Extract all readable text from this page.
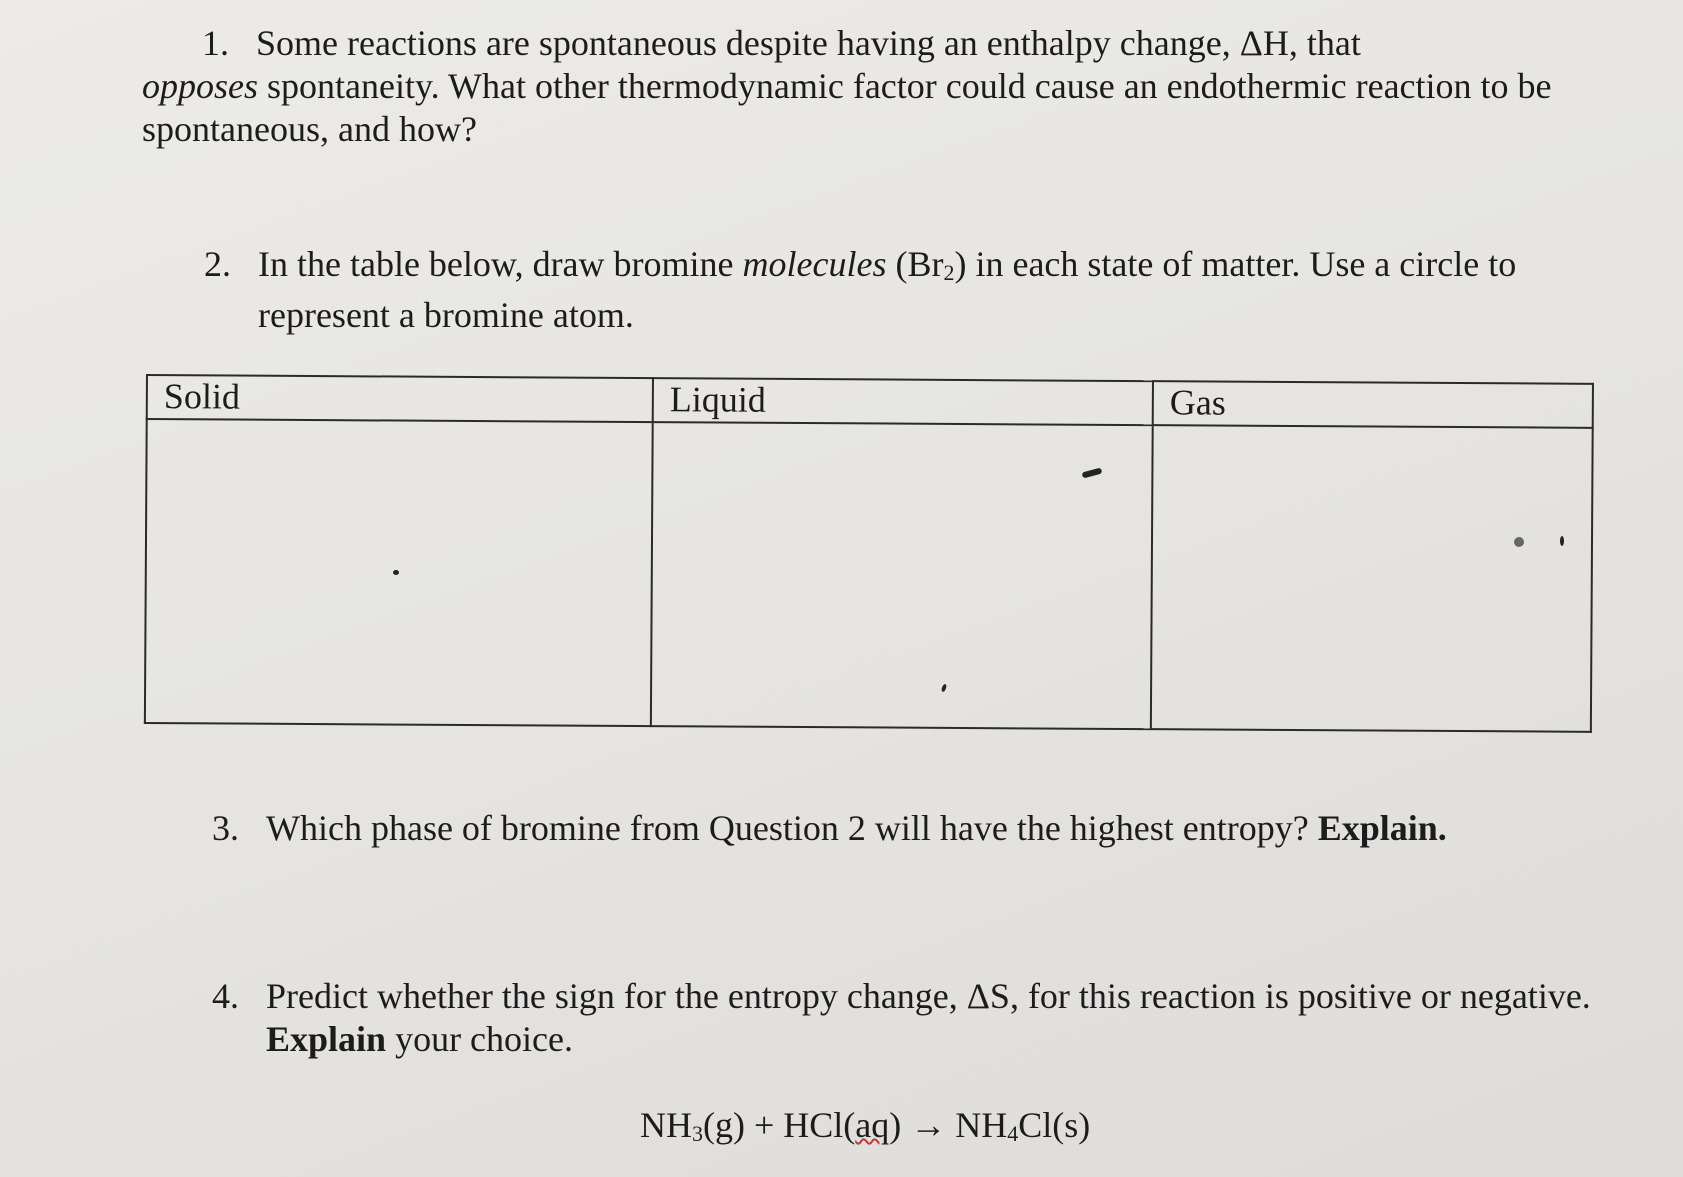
1. Some reactions are spontaneous despite having an enthalpy change, ΔH, that
opposes spontaneity. What other thermodynamic factor could cause an endothermic reaction to be spontaneous, and how?
2. In the table below, draw bromine molecules $(Br_2)$ in each state of matter. Use a circle to represent a bromine atom.
Solid	Liquid	Gas

3. Which phase of bromine from Question 2 will have the highest entropy? Explain.
4. Predict whether the sign for the entropy change, ΔS, for this reaction is positive or negative. Explain your choice.
$NH_3(g) + HCl(aq) \to NH_4Cl(s)$
